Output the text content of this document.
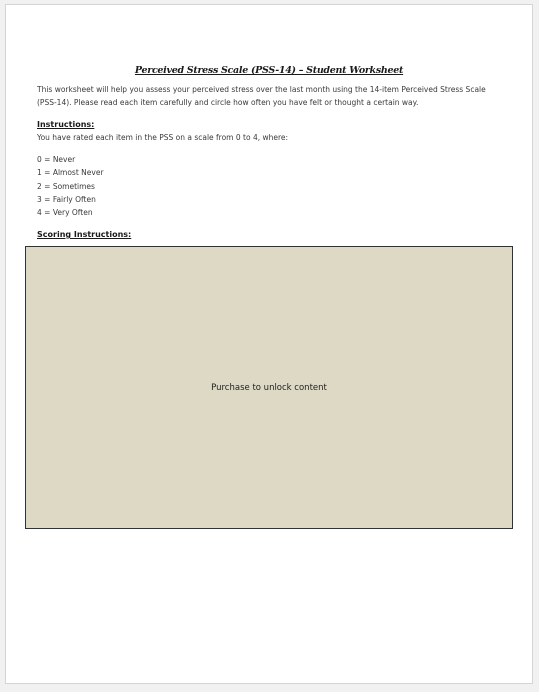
Perceived Stress Scale (PSS-14) – Student Worksheet
This worksheet will help you assess your perceived stress over the last month using the 14-item Perceived Stress Scale
(PSS-14). Please read each item carefully and circle how often you have felt or thought a certain way.
Instructions:
You have rated each item in the PSS on a scale from 0 to 4, where:
0 = Never
1 = Almost Never
2 = Sometimes
3 = Fairly Often
4 = Very Often
Scoring Instructions:
Purchase to unlock content
